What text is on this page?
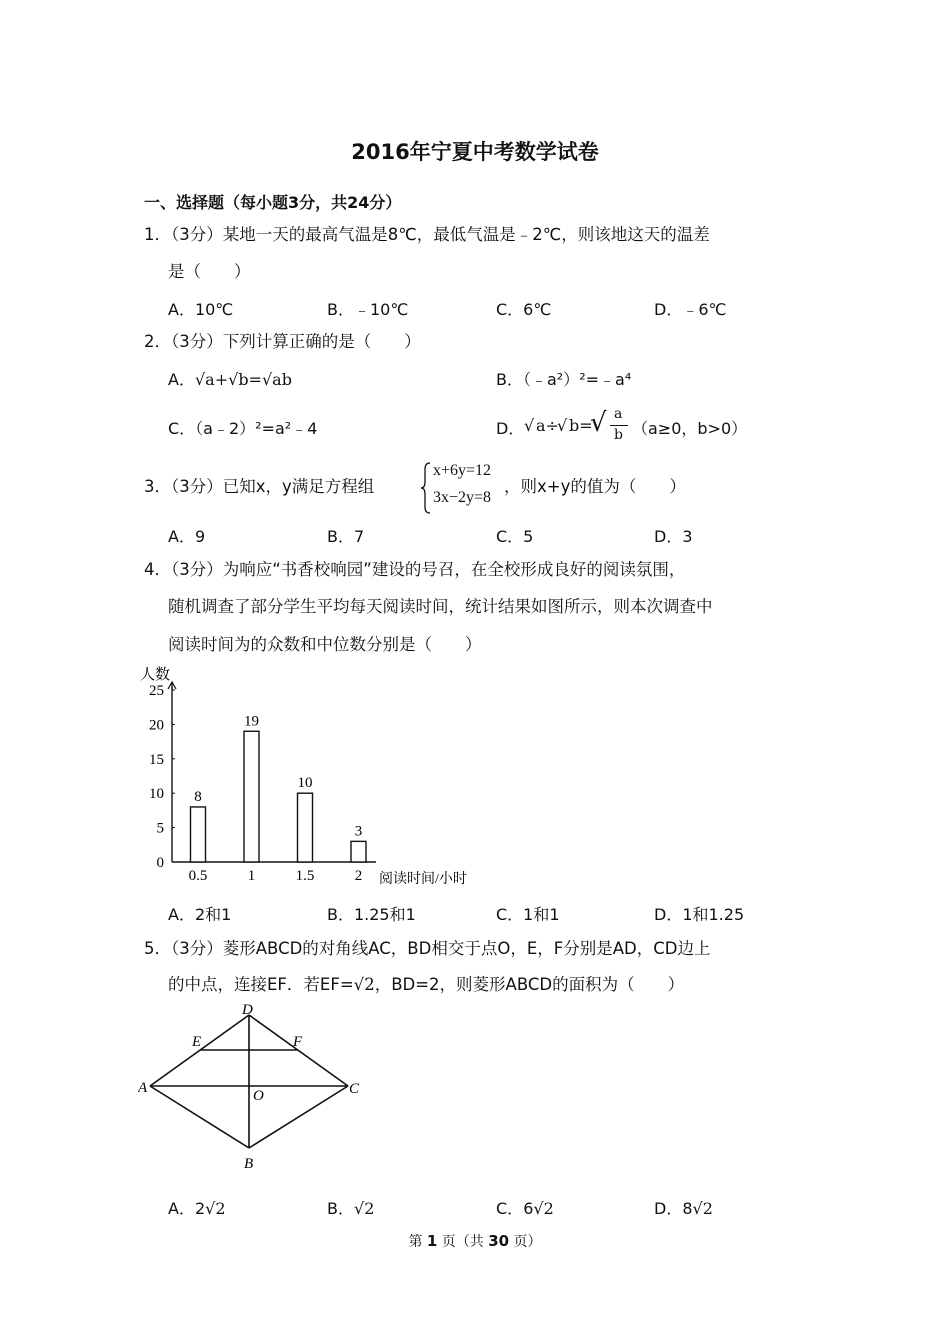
2016年宁夏中考数学试卷
一、选择题（每小题3分，共24分）
1．（3分）某地一天的最高气温是8℃，最低气温是﹣2℃，则该地这天的温差
是（　　）
A．10℃	B．﹣10℃	C．6℃	D．﹣6℃
2．（3分）下列计算正确的是（　　）
A．√a+√b=√ab	B．（﹣a²）²=﹣a⁴
C．（a﹣2）²=a²﹣4	D． √ a÷
√ b=
√ a
b （a≥0，b>0）
3．（3分）已知x，y满足方程组
x+6y=12
3x−2y=8
，则x+y的值为（　　）
A．9	B．7	C．5	D．3
4．（3分）为响应“书香校响园”建设的号召，在全校形成良好的阅读氛围，
随机调查了部分学生平均每天阅读时间，统计结果如图所示，则本次调查中
阅读时间为的众数和中位数分别是（　　）
人数
阅读时间/小时
0
5
10
15
20
25
8
0.5
19
1
10
1.5
3
2
A．2和1	B．1.25和1	C．1和1	D．1和1.25
5．（3分）菱形ABCD的对角线AC，BD相交于点O，E，F分别是AD，CD边上
的中点，连接EF．若EF=√2，BD=2，则菱形ABCD的面积为（　　）
A
B
C
D
E	F
O
A．2√2	B．√2	C．6√2	D．8√2
第 1 页（共 30 页）
